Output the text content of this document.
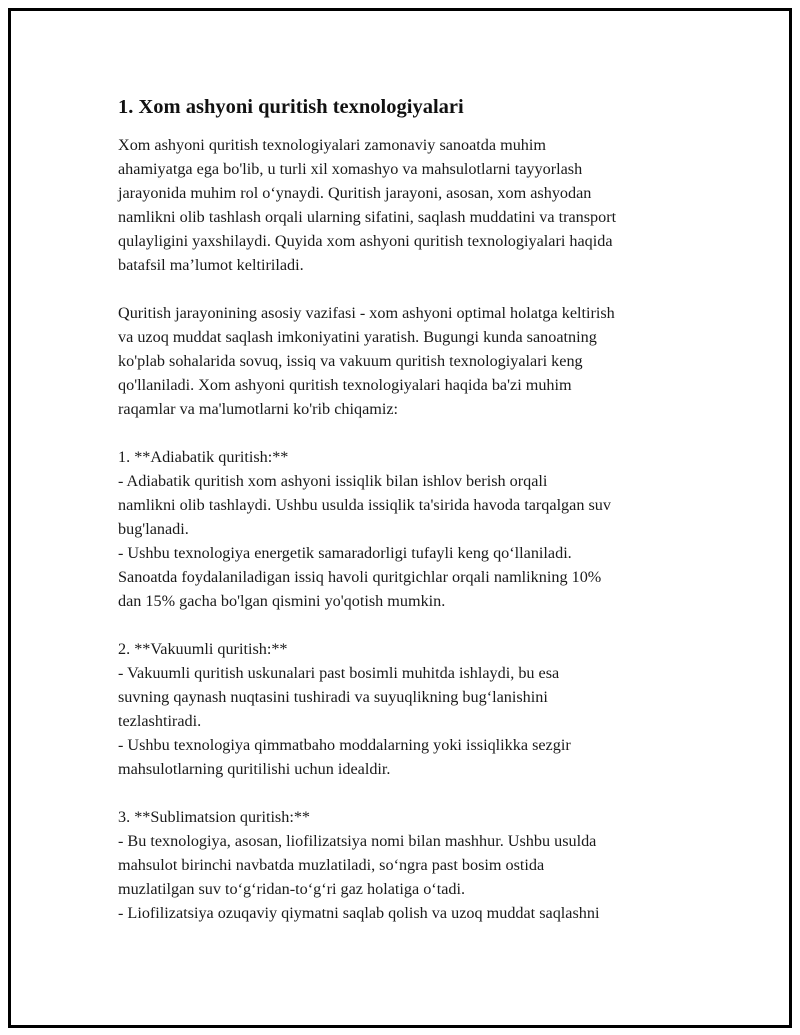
1. Xom ashyoni quritish texnologiyalari

Xom ashyoni quritish texnologiyalari zamonaviy sanoatda muhim
ahamiyatga ega bo'lib, u turli xil xomashyo va mahsulotlarni tayyorlash
jarayonida muhim rol o‘ynaydi. Quritish jarayoni, asosan, xom ashyodan
namlikni olib tashlash orqali ularning sifatini, saqlash muddatini va transport
qulayligini yaxshilaydi. Quyida xom ashyoni quritish texnologiyalari haqida
batafsil ma’lumot keltiriladi.

Quritish jarayonining asosiy vazifasi - xom ashyoni optimal holatga keltirish
va uzoq muddat saqlash imkoniyatini yaratish. Bugungi kunda sanoatning
ko'plab sohalarida sovuq, issiq va vakuum quritish texnologiyalari keng
qo'llaniladi. Xom ashyoni quritish texnologiyalari haqida ba'zi muhim
raqamlar va ma'lumotlarni ko'rib chiqamiz:

1. **Adiabatik quritish:**
- Adiabatik quritish xom ashyoni issiqlik bilan ishlov berish orqali
namlikni olib tashlaydi. Ushbu usulda issiqlik ta'sirida havoda tarqalgan suv
bug'lanadi.
- Ushbu texnologiya energetik samaradorligi tufayli keng qo‘llaniladi.
Sanoatda foydalaniladigan issiq havoli quritgichlar orqali namlikning 10%
dan 15% gacha bo'lgan qismini yo'qotish mumkin.

2. **Vakuumli quritish:**
- Vakuumli quritish uskunalari past bosimli muhitda ishlaydi, bu esa
suvning qaynash nuqtasini tushiradi va suyuqlikning bug‘lanishini
tezlashtiradi.
- Ushbu texnologiya qimmatbaho moddalarning yoki issiqlikka sezgir
mahsulotlarning quritilishi uchun idealdir.

3. **Sublimatsion quritish:**
- Bu texnologiya, asosan, liofilizatsiya nomi bilan mashhur. Ushbu usulda
mahsulot birinchi navbatda muzlatiladi, so‘ngra past bosim ostida
muzlatilgan suv to‘g‘ridan-to‘g‘ri gaz holatiga o‘tadi.
- Liofilizatsiya ozuqaviy qiymatni saqlab qolish va uzoq muddat saqlashni
